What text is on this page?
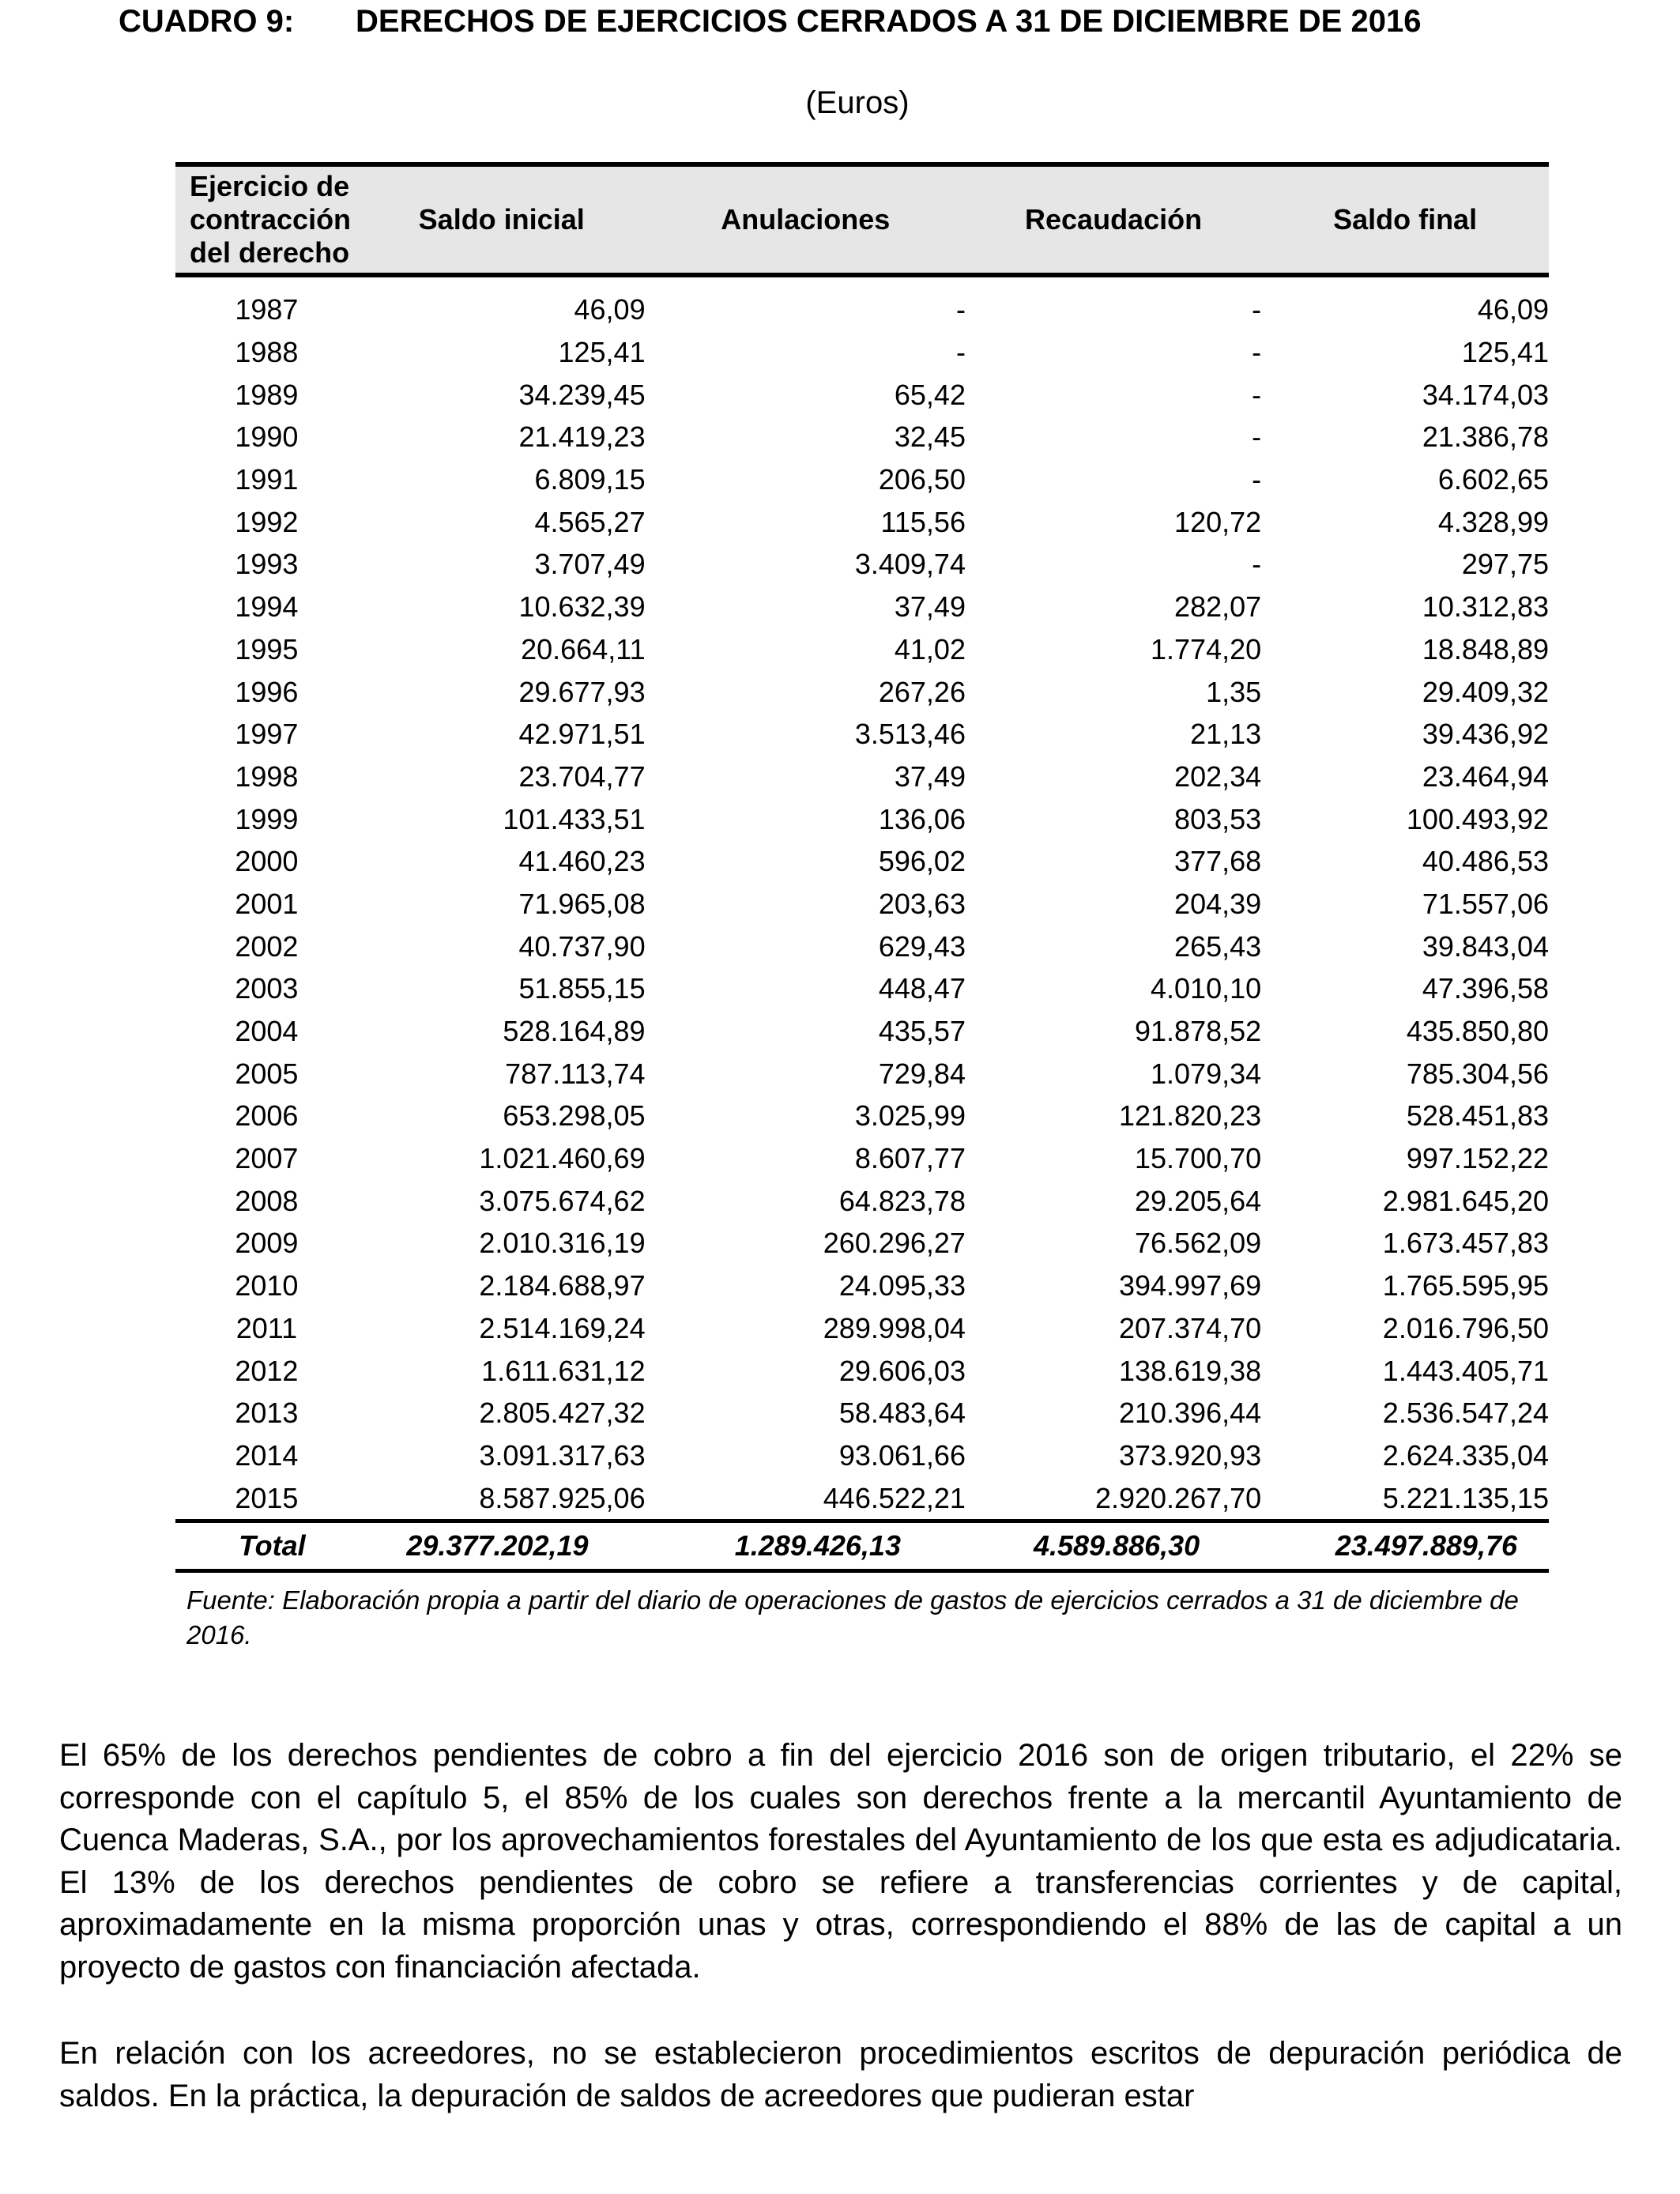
CUADRO 9: DERECHOS DE EJERCICIOS CERRADOS A 31 DE DICIEMBRE DE 2016
(Euros)
Ejercicio de contracción del derecho	Saldo inicial	Anulaciones	Recaudación	Saldo final

1987	46,09	-	-	46,09
1988	125,41	-	-	125,41
1989	34.239,45	65,42	-	34.174,03
1990	21.419,23	32,45	-	21.386,78
1991	6.809,15	206,50	-	6.602,65
1992	4.565,27	115,56	120,72	4.328,99
1993	3.707,49	3.409,74	-	297,75
1994	10.632,39	37,49	282,07	10.312,83
1995	20.664,11	41,02	1.774,20	18.848,89
1996	29.677,93	267,26	1,35	29.409,32
1997	42.971,51	3.513,46	21,13	39.436,92
1998	23.704,77	37,49	202,34	23.464,94
1999	101.433,51	136,06	803,53	100.493,92
2000	41.460,23	596,02	377,68	40.486,53
2001	71.965,08	203,63	204,39	71.557,06
2002	40.737,90	629,43	265,43	39.843,04
2003	51.855,15	448,47	4.010,10	47.396,58
2004	528.164,89	435,57	91.878,52	435.850,80
2005	787.113,74	729,84	1.079,34	785.304,56
2006	653.298,05	3.025,99	121.820,23	528.451,83
2007	1.021.460,69	8.607,77	15.700,70	997.152,22
2008	3.075.674,62	64.823,78	29.205,64	2.981.645,20
2009	2.010.316,19	260.296,27	76.562,09	1.673.457,83
2010	2.184.688,97	24.095,33	394.997,69	1.765.595,95
2011	2.514.169,24	289.998,04	207.374,70	2.016.796,50
2012	1.611.631,12	29.606,03	138.619,38	1.443.405,71
2013	2.805.427,32	58.483,64	210.396,44	2.536.547,24
2014	3.091.317,63	93.061,66	373.920,93	2.624.335,04
2015	8.587.925,06	446.522,21	2.920.267,70	5.221.135,15
Total	29.377.202,19	1.289.426,13	4.589.886,30	23.497.889,76
Fuente: Elaboración propia a partir del diario de operaciones de gastos de ejercicios cerrados a 31 de diciembre de 2016.

El 65% de los derechos pendientes de cobro a fin del ejercicio 2016 son de origen tributario, el 22% se corresponde con el capítulo 5, el 85% de los cuales son derechos frente a la mercantil Ayuntamiento de Cuenca Maderas, S.A., por los aprovechamientos forestales del Ayuntamiento de los que esta es adjudicataria. El 13% de los derechos pendientes de cobro se refiere a transferencias corrientes y de capital, aproximadamente en la misma proporción unas y otras, correspondiendo el 88% de las de capital a un proyecto de gastos con financiación afectada.

En relación con los acreedores, no se establecieron procedimientos escritos de depuración periódica de saldos. En la práctica, la depuración de saldos de acreedores que pudieran estar
